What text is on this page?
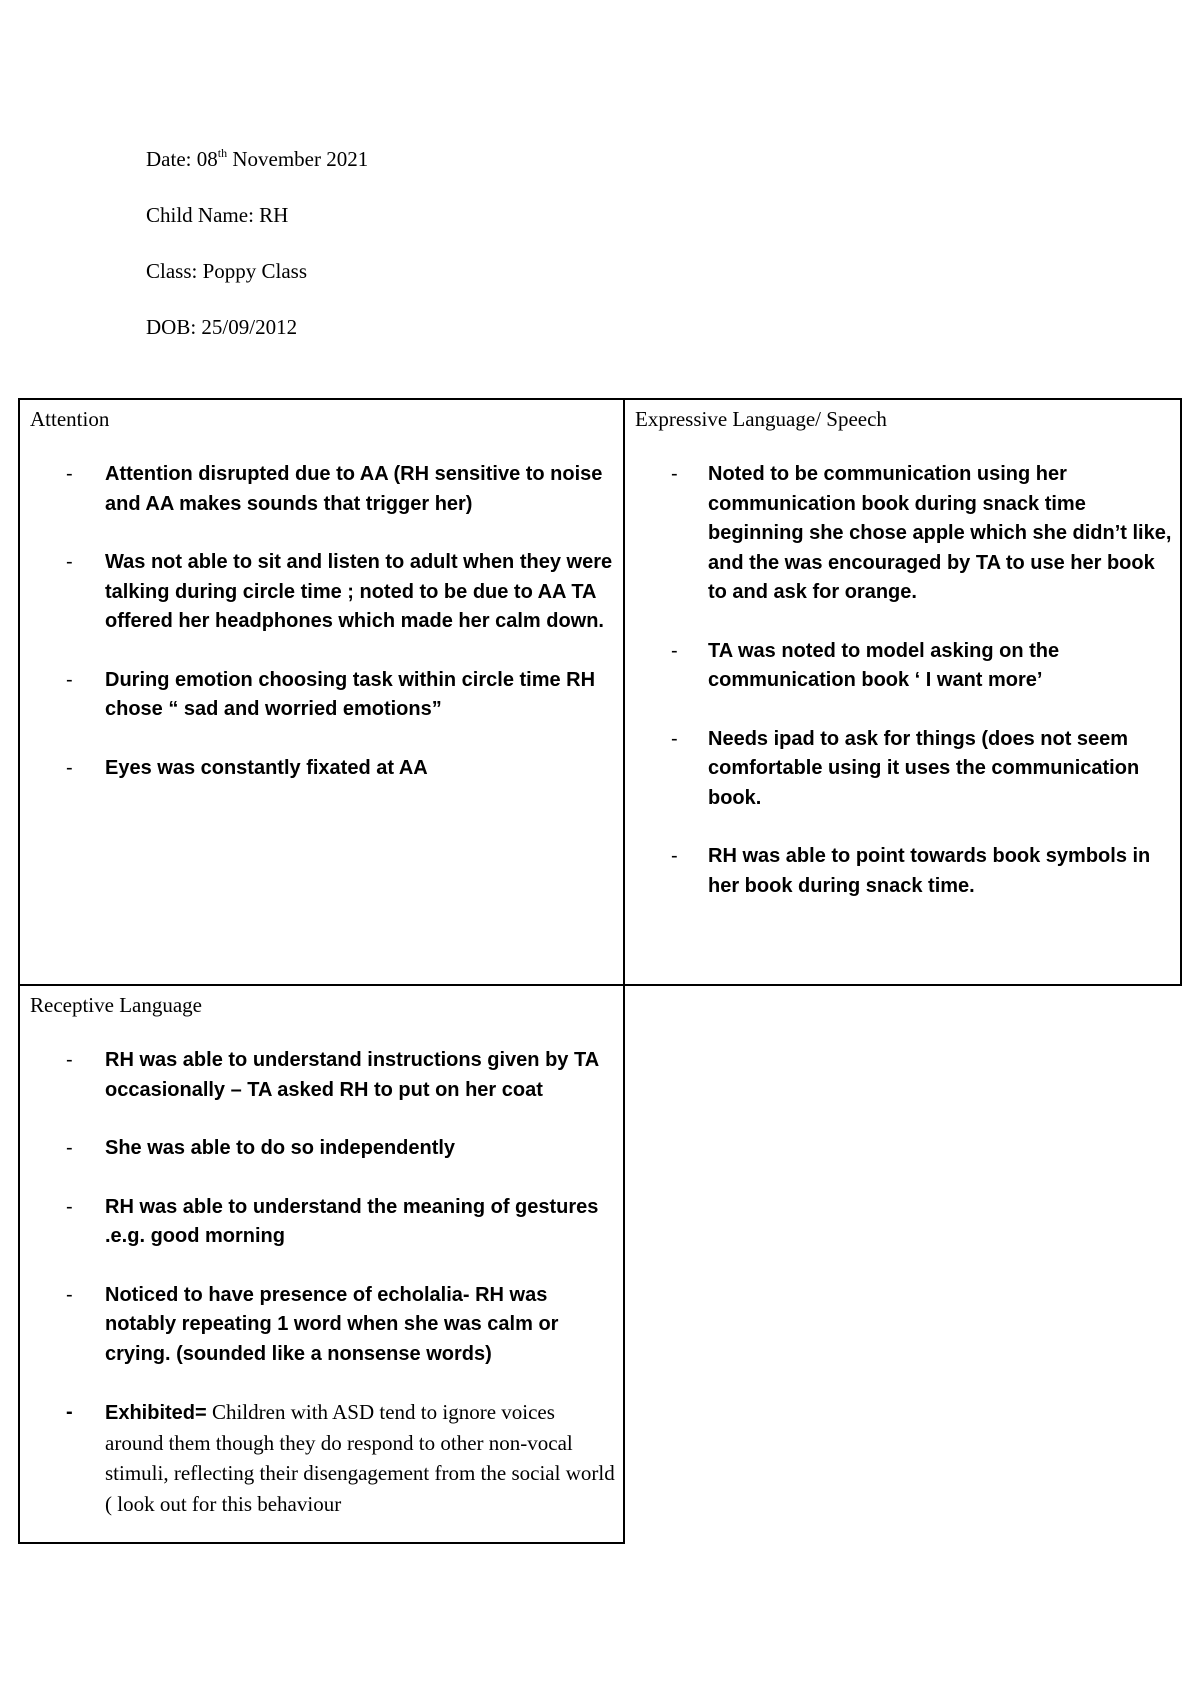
Date: 08th November 2021
Child Name: RH
Class: Poppy Class
DOB: 25/09/2012
Attention
- Attention disrupted due to AA (RH sensitive to noise and AA makes sounds that trigger her)
- Was not able to sit and listen to adult when they were talking during circle time ; noted to be due to AA TA offered her headphones which made her calm down.
- During emotion choosing task within circle time RH chose “ sad and worried emotions”
- Eyes was constantly fixated at AA
Expressive Language/ Speech
- Noted to be communication using her communication book during snack time beginning she chose apple which she didn’t like, and the was encouraged by TA to use her book to and ask for orange.
- TA was noted to model asking on the communication book ‘ I want more’
- Needs ipad to ask for things (does not seem comfortable using it uses the communication book.
- RH was able to point towards book symbols in her book during snack time.
Receptive Language
- RH was able to understand instructions given by TA occasionally – TA asked RH to put on her coat
- She was able to do so independently
- RH was able to understand the meaning of gestures .e.g. good morning
- Noticed to have presence of echolalia- RH was notably repeating 1 word when she was calm or crying. (sounded like a nonsense words)
- Exhibited= Children with ASD tend to ignore voices around them though they do respond to other non-vocal stimuli, reflecting their disengagement from the social world ( look out for this behaviour
